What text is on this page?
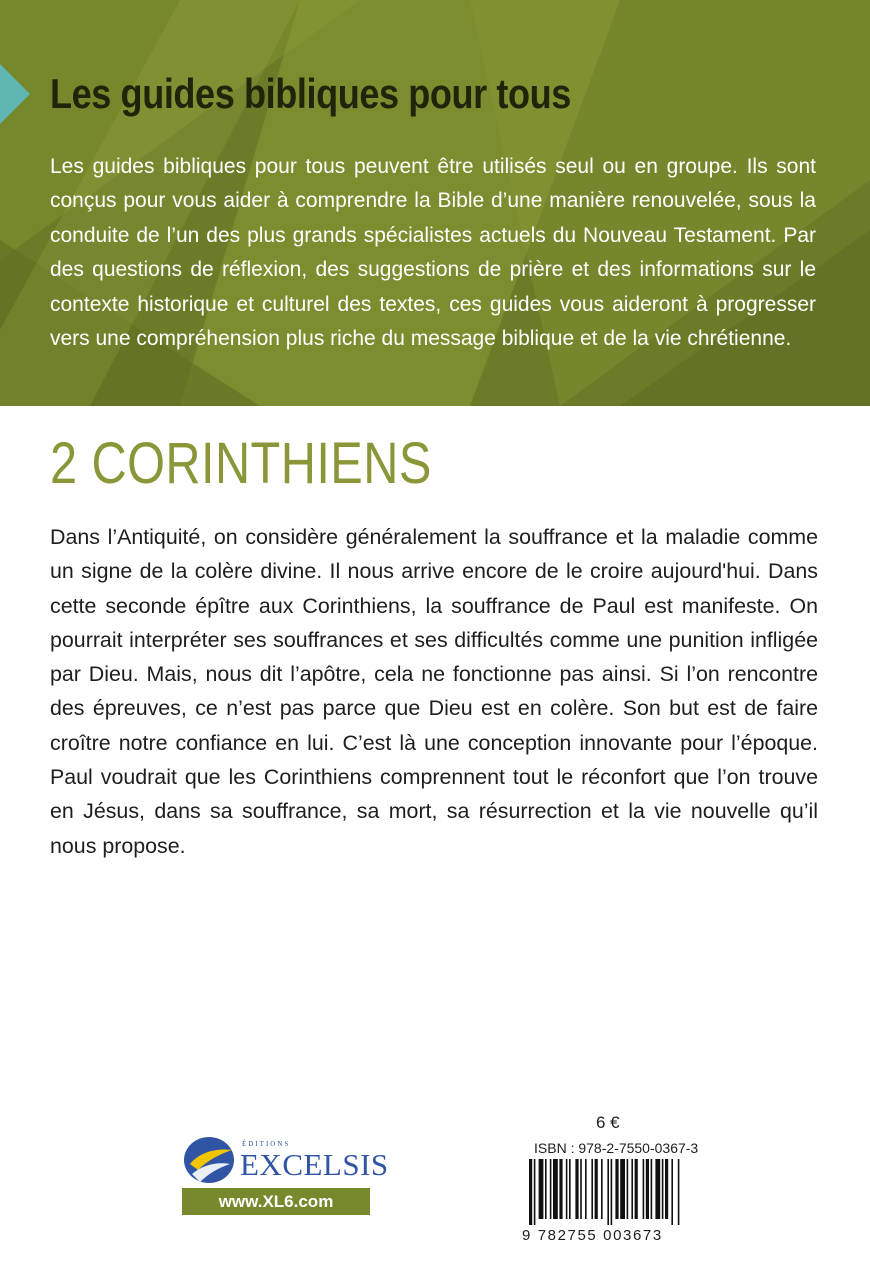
Les guides bibliques pour tous

Les guides bibliques pour tous peuvent être utilisés seul ou en groupe. Ils sont conçus pour vous aider à comprendre la Bible d’une manière renouvelée, sous la conduite de l’un des plus grands spécialistes actuels du Nouveau Testament. Par des questions de réflexion, des suggestions de prière et des informations sur le contexte historique et culturel des textes, ces guides vous aideront à progresser vers une compréhension plus riche du message biblique et de la vie chrétienne.

2 CORINTHIENS

Dans l’Antiquité, on considère généralement la souffrance et la maladie comme un signe de la colère divine. Il nous arrive encore de le croire aujourd'hui. Dans cette seconde épître aux Corinthiens, la souffrance de Paul est manifeste. On pourrait interpréter ses souffrances et ses difficultés comme une punition infligée par Dieu. Mais, nous dit l’apôtre, cela ne fonctionne pas ainsi. Si l’on rencontre des épreuves, ce n’est pas parce que Dieu est en colère. Son but est de faire croître notre confiance en lui. C’est là une conception innovante pour l’époque. Paul voudrait que les Corinthiens comprennent tout le réconfort que l’on trouve en Jésus, dans sa souffrance, sa mort, sa résurrection et la vie nouvelle qu’il nous propose.

ÉDITIONS

EXCELSIS

www.XL6.com

6 €

ISBN : 978-2-7550-0367-3

9 782755 003673
